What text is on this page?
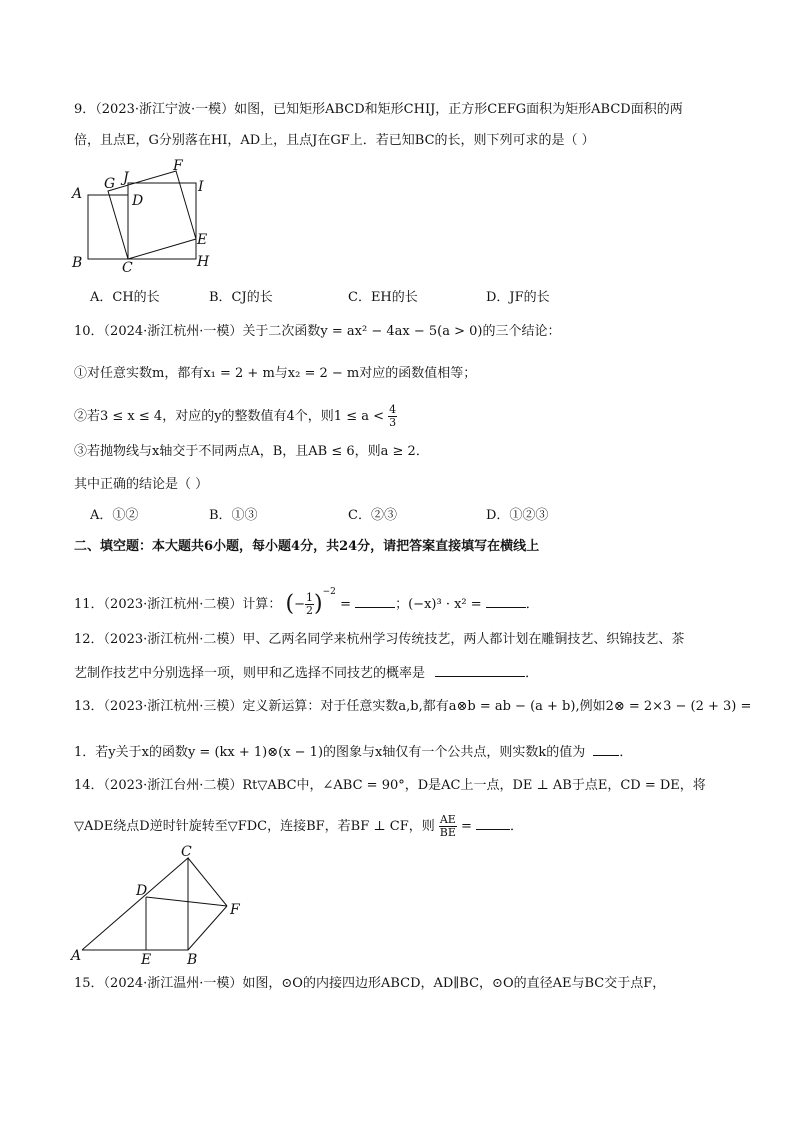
9．（2023·浙江宁波·一模）如图，已知矩形ABCD和矩形CHIJ，正方形CEFG面积为矩形ABCD面积的两
倍，且点E，G分别落在HI，AD上，且点J在GF上．若已知BC的长，则下列可求的是（ ）
A
G J
F
I
D
E
B	C	H
A．CH的长	B．CJ的长	C．EH的长	D．JF的长
10．（2024·浙江杭州·一模）关于二次函数y = ax² − 4ax − 5(a > 0)的三个结论：
①对任意实数m，都有x₁ = 2 + m与x₂ = 2 − m对应的函数值相等；
②若3 ≤ x ≤ 4，对应的y的整数值有4个，则$1 \le a < \frac{4}{3}$
③若抛物线与x轴交于不同两点A，B，且AB ≤ 6，则a ≥ 2．
其中正确的结论是（ ）
A．①②	B．①③	C．②③	D．①②③
二、填空题：本大题共6小题，每小题4分，共24分，请把答案直接填写在横线上
11．（2023·浙江杭州·二模）计算： (− $\frac{1}{2} )^{-2}$ =	；(−x)³ · x² =	．
12．（2023·浙江杭州·二模）甲、乙两名同学来杭州学习传统技艺，两人都计划在雕铜技艺、织锦技艺、茶
艺制作技艺中分别选择一项，则甲和乙选择不同技艺的概率是	．
13．（2023·浙江杭州·三模）定义新运算：对于任意实数a,b,都有a⊗b = ab − (a + b),例如2⊗ = 2×3 − (2 + 3) =
1．若y关于x的函数y = (kx + 1)⊗(x − 1)的图象与x轴仅有一个公共点，则实数k的值为	．
14．（2023·浙江台州·二模）Rt▽ABC中，∠ABC = 90°，D是AC上一点，DE ⊥ AB于点E，CD = DE，将
▽ADE绕点D逆时针旋转至▽FDC，连接BF，若BF ⊥ CF，则 $\frac{AE}{BE}$ =	．
C
D
F
A	E	B
15．（2024·浙江温州·一模）如图，⊙O的内接四边形ABCD，AD∥BC，⊙O的直径AE与BC交于点F，
